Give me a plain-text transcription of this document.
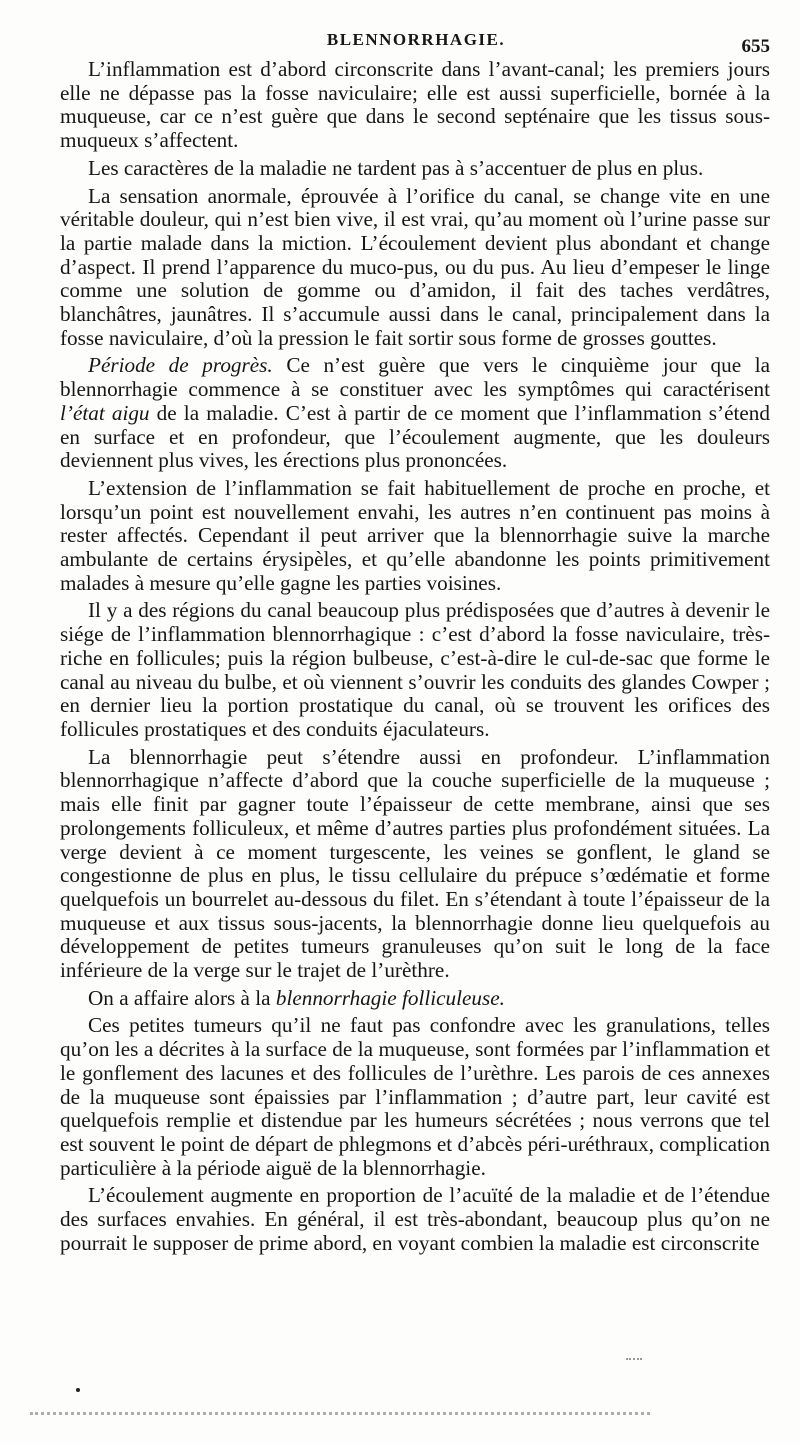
BLENNORRHAGIE.	655

L’inflammation est d’abord circonscrite dans l’avant-canal; les premiers jours elle ne dépasse pas la fosse naviculaire; elle est aussi superficielle, bornée à la muqueuse, car ce n’est guère que dans le second septénaire que les tissus sous-muqueux s’affectent.

Les caractères de la maladie ne tardent pas à s’accentuer de plus en plus.

La sensation anormale, éprouvée à l’orifice du canal, se change vite en une véritable douleur, qui n’est bien vive, il est vrai, qu’au moment où l’urine passe sur la partie malade dans la miction. L’écoulement devient plus abondant et change d’aspect. Il prend l’apparence du muco-pus, ou du pus. Au lieu d’empeser le linge comme une solution de gomme ou d’amidon, il fait des taches verdâtres, blanchâtres, jaunâtres. Il s’accumule aussi dans le canal, principalement dans la fosse naviculaire, d’où la pression le fait sortir sous forme de grosses gouttes.

Période de progrès. Ce n’est guère que vers le cinquième jour que la blennorrhagie commence à se constituer avec les symptômes qui caractérisent l’état aigu de la maladie. C’est à partir de ce moment que l’inflammation s’étend en surface et en profondeur, que l’écoulement augmente, que les douleurs deviennent plus vives, les érections plus prononcées.

L’extension de l’inflammation se fait habituellement de proche en proche, et lorsqu’un point est nouvellement envahi, les autres n’en continuent pas moins à rester affectés. Cependant il peut arriver que la blennorrhagie suive la marche ambulante de certains érysipèles, et qu’elle abandonne les points primitivement malades à mesure qu’elle gagne les parties voisines.

Il y a des régions du canal beaucoup plus prédisposées que d’autres à devenir le siége de l’inflammation blennorrhagique : c’est d’abord la fosse naviculaire, très-riche en follicules; puis la région bulbeuse, c’est-à-dire le cul-de-sac que forme le canal au niveau du bulbe, et où viennent s’ouvrir les conduits des glandes Cowper ; en dernier lieu la portion prostatique du canal, où se trouvent les orifices des follicules prostatiques et des conduits éjaculateurs.

La blennorrhagie peut s’étendre aussi en profondeur. L’inflammation blennorrhagique n’affecte d’abord que la couche superficielle de la muqueuse ; mais elle finit par gagner toute l’épaisseur de cette membrane, ainsi que ses prolongements folliculeux, et même d’autres parties plus profondément situées. La verge devient à ce moment turgescente, les veines se gonflent, le gland se congestionne de plus en plus, le tissu cellulaire du prépuce s’œdématie et forme quelquefois un bourrelet au-dessous du filet. En s’étendant à toute l’épaisseur de la muqueuse et aux tissus sous-jacents, la blennorrhagie donne lieu quelquefois au développement de petites tumeurs granuleuses qu’on suit le long de la face inférieure de la verge sur le trajet de l’urèthre.

On a affaire alors à la blennorrhagie folliculeuse.

Ces petites tumeurs qu’il ne faut pas confondre avec les granulations, telles qu’on les a décrites à la surface de la muqueuse, sont formées par l’inflammation et le gonflement des lacunes et des follicules de l’urèthre. Les parois de ces annexes de la muqueuse sont épaissies par l’inflammation ; d’autre part, leur cavité est quelquefois remplie et distendue par les humeurs sécrétées ; nous verrons que tel est souvent le point de départ de phlegmons et d’abcès péri-uréthraux, complication particulière à la période aiguë de la blennorrhagie.

L’écoulement augmente en proportion de l’acuïté de la maladie et de l’étendue des surfaces envahies. En général, il est très-abondant, beaucoup plus qu’on ne pourrait le supposer de prime abord, en voyant combien la maladie est circonscrite
